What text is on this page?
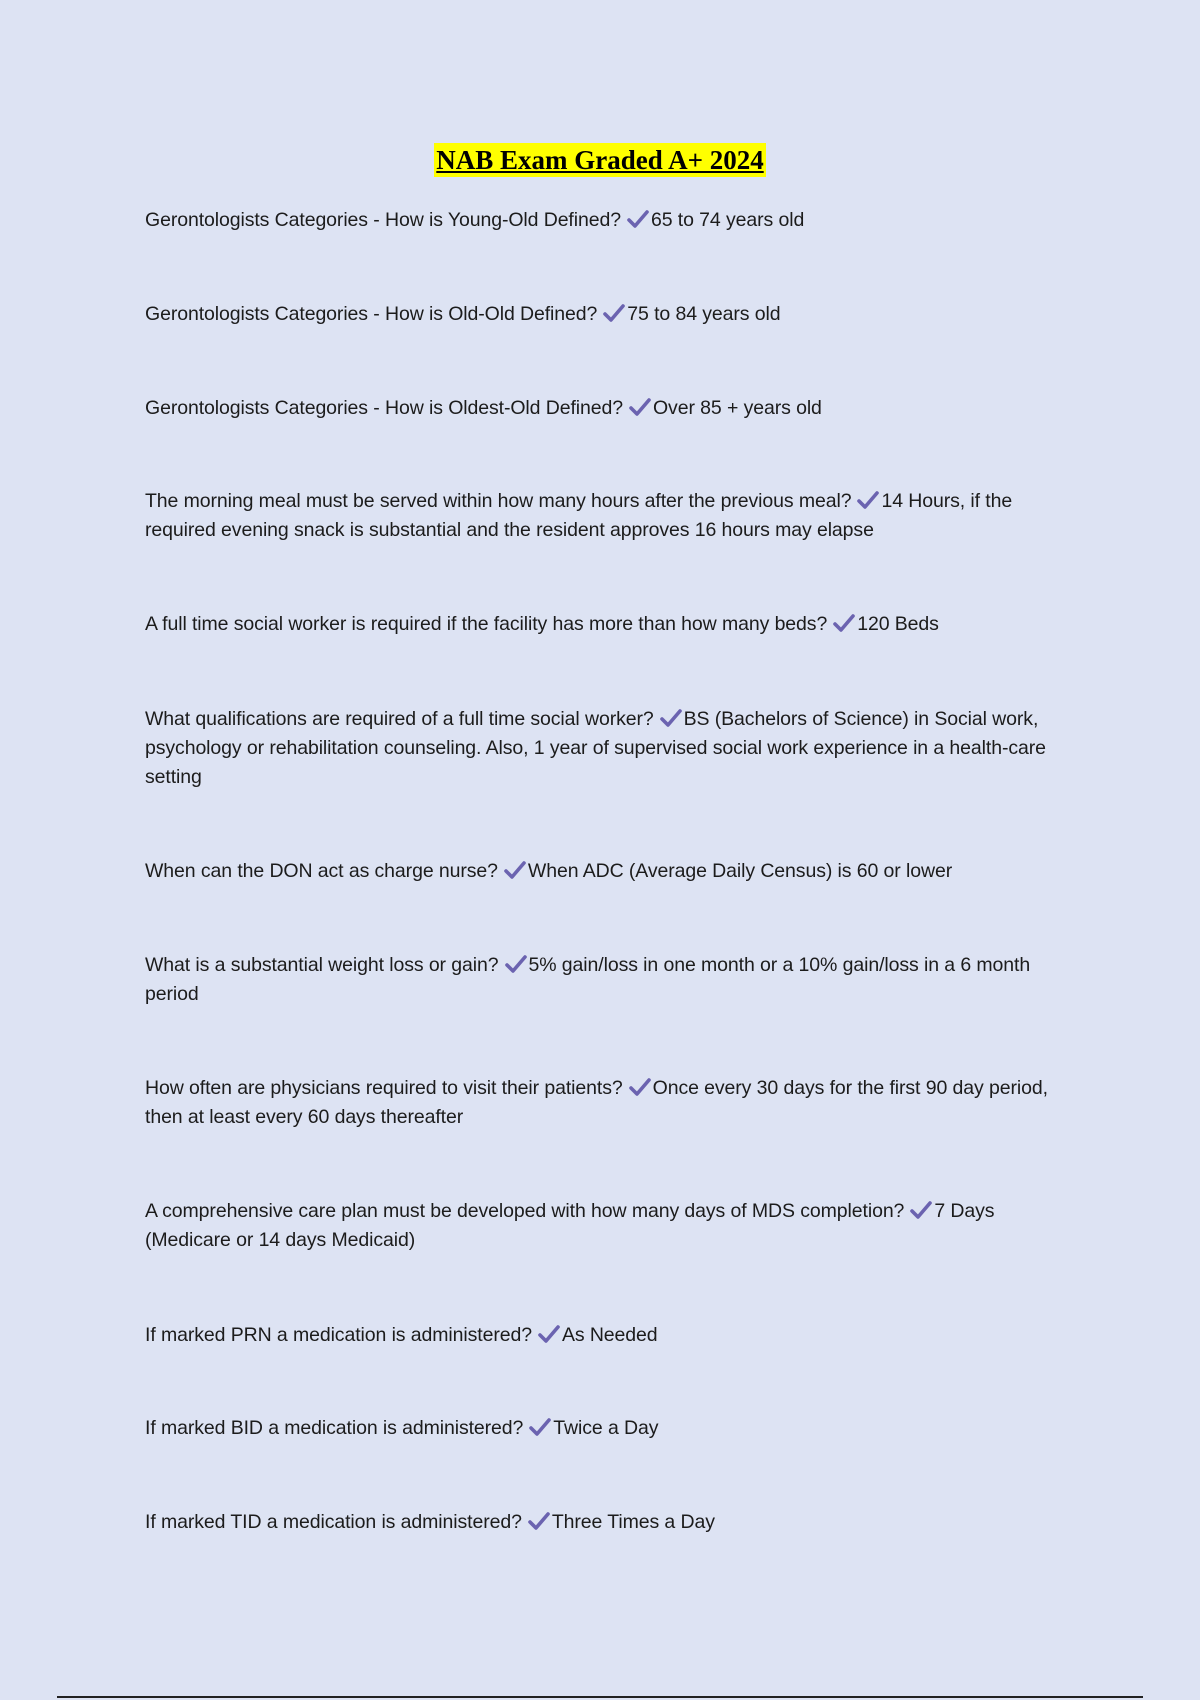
NAB Exam Graded A+ 2024
Gerontologists Categories - How is Young-Old Defined? 65 to 74 years old
Gerontologists Categories - How is Old-Old Defined? 75 to 84 years old
Gerontologists Categories - How is Oldest-Old Defined? Over 85 + years old
The morning meal must be served within how many hours after the previous meal? 14 Hours, if the required evening snack is substantial and the resident approves 16 hours may elapse
A full time social worker is required if the facility has more than how many beds? 120 Beds
What qualifications are required of a full time social worker? BS (Bachelors of Science) in Social work, psychology or rehabilitation counseling. Also, 1 year of supervised social work experience in a health-care setting
When can the DON act as charge nurse? When ADC (Average Daily Census) is 60 or lower
What is a substantial weight loss or gain? 5% gain/loss in one month or a 10% gain/loss in a 6 month period
How often are physicians required to visit their patients? Once every 30 days for the first 90 day period, then at least every 60 days thereafter
A comprehensive care plan must be developed with how many days of MDS completion? 7 Days (Medicare or 14 days Medicaid)
If marked PRN a medication is administered? As Needed
If marked BID a medication is administered? Twice a Day
If marked TID a medication is administered? Three Times a Day
